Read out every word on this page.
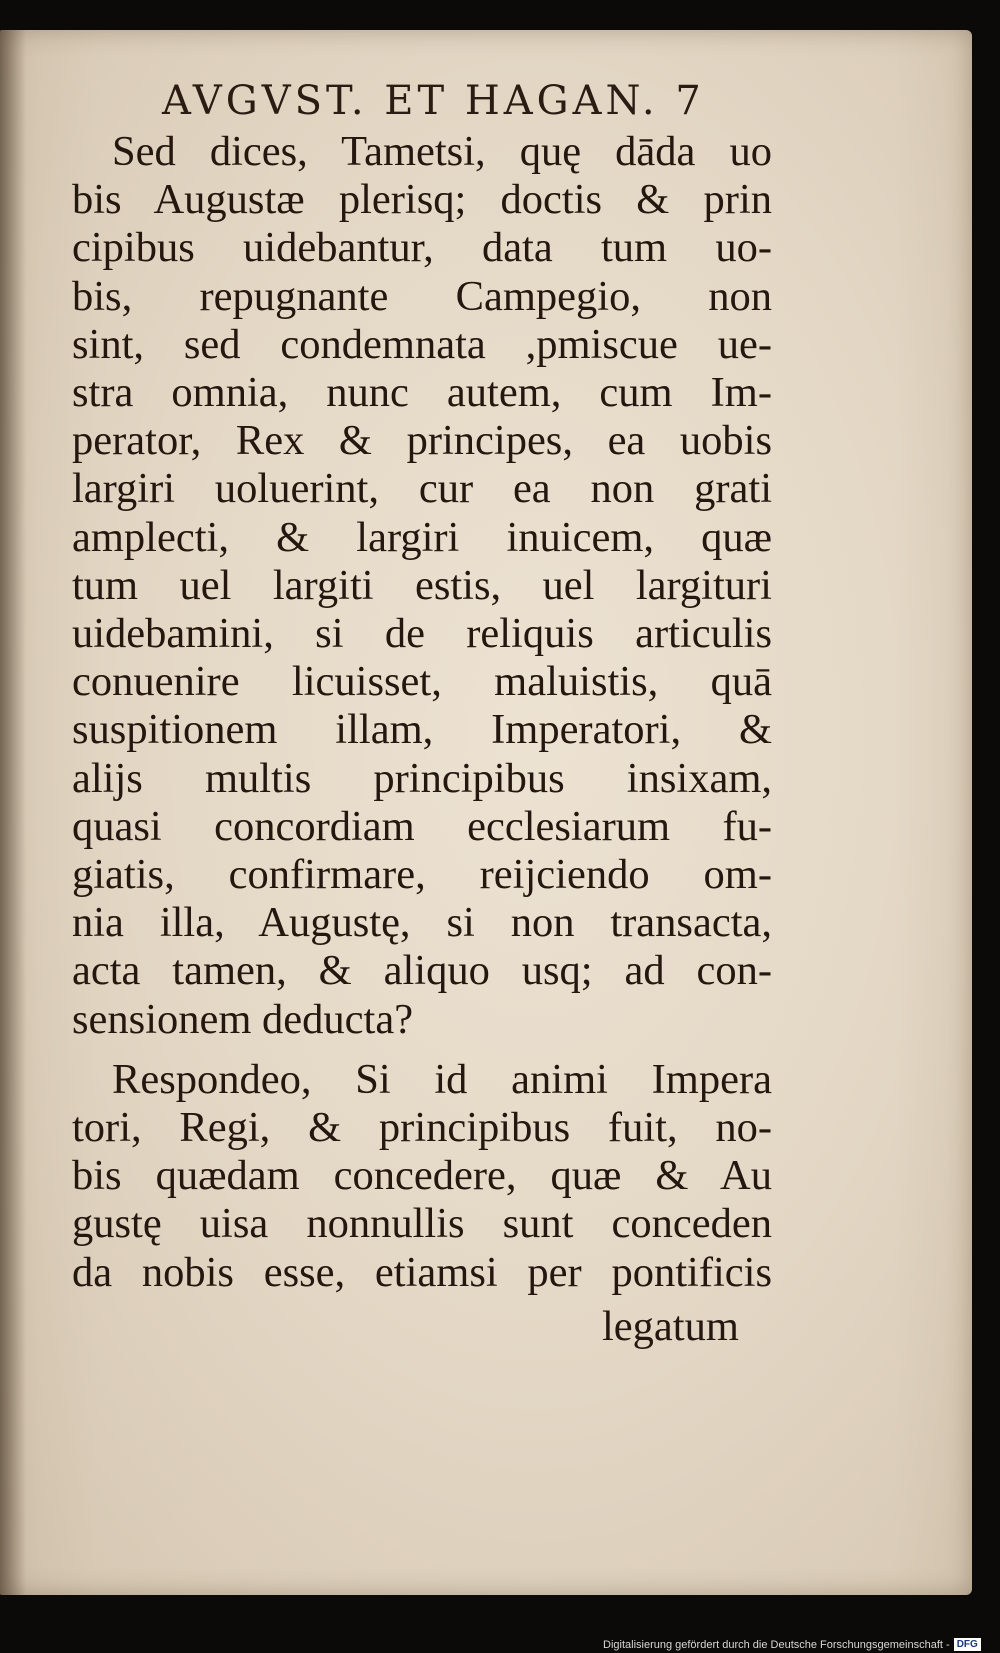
AVGVST. ET HAGAN. 7
Sed dices, Tametsi, quę dāda uo
bis Augustæ plerisq; doctis & prin
cipibus uidebantur, data tum uo-
bis, repugnante Campegio, non
sint, sed condemnata ,pmiscue ue-
stra omnia, nunc autem, cum Im-
perator, Rex & principes, ea uobis
largiri uoluerint, cur ea non grati
amplecti, & largiri inuicem, quæ
tum uel largiti estis, uel largituri
uidebamini, si de reliquis articulis
conuenire licuisset, maluistis, quā
suspitionem illam, Imperatori, &
alijs multis principibus insixam,
quasi concordiam ecclesiarum fu-
giatis, confirmare, reijciendo om-
nia illa, Augustę, si non transacta,
acta tamen, & aliquo usq; ad con-
sensionem deducta?
Respondeo, Si id animi Impera
tori, Regi, & principibus fuit, no-
bis quædam concedere, quæ & Au
gustę uisa nonnullis sunt conceden
da nobis esse, etiamsi per pontificis
legatum
Digitalisierung gefördert durch die Deutsche Forschungsgemeinschaft - DFG
